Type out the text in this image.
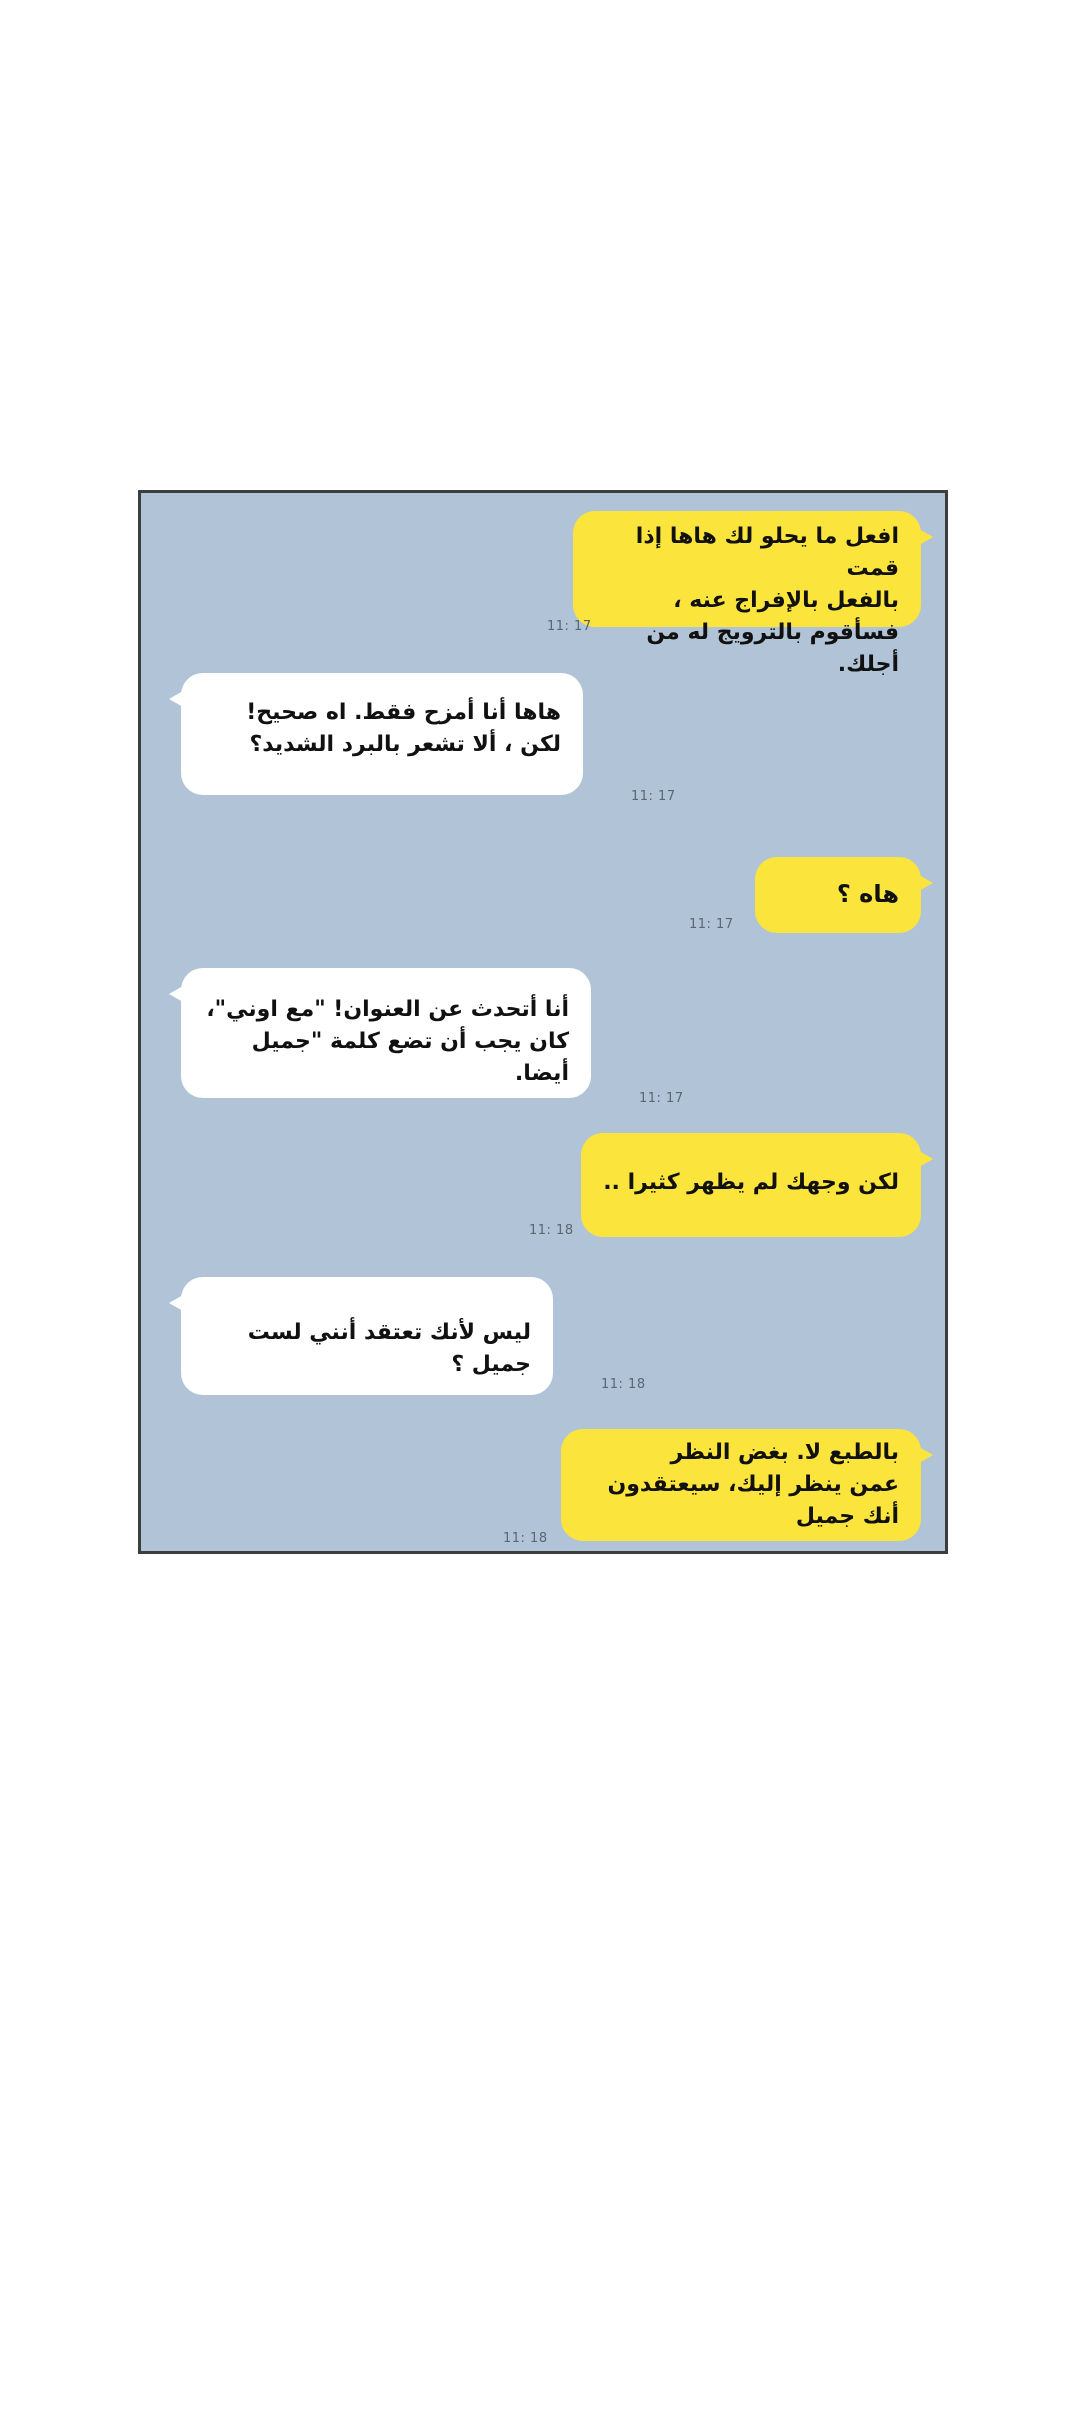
افعل ما يحلو لك هاها إذا قمت
بالفعل بالإفراج عنه ،
فسأقوم بالترويج له من أجلك.
11: 17
هاها أنا أمزح فقط. اه صحيح!
لكن ، ألا تشعر بالبرد الشديد؟
11: 17
هاه ؟
11: 17
أنا أتحدث عن العنوان! "مع اوني"،
كان يجب أن تضع كلمة "جميل أيضا.
11: 17
لكن وجهك لم يظهر كثيرا ..
11: 18
ليس لأنك تعتقد أنني لست جميل ؟
11: 18
بالطبع لا. بغض النظر
عمن ينظر إليك، سيعتقدون
أنك جميل
11: 18
